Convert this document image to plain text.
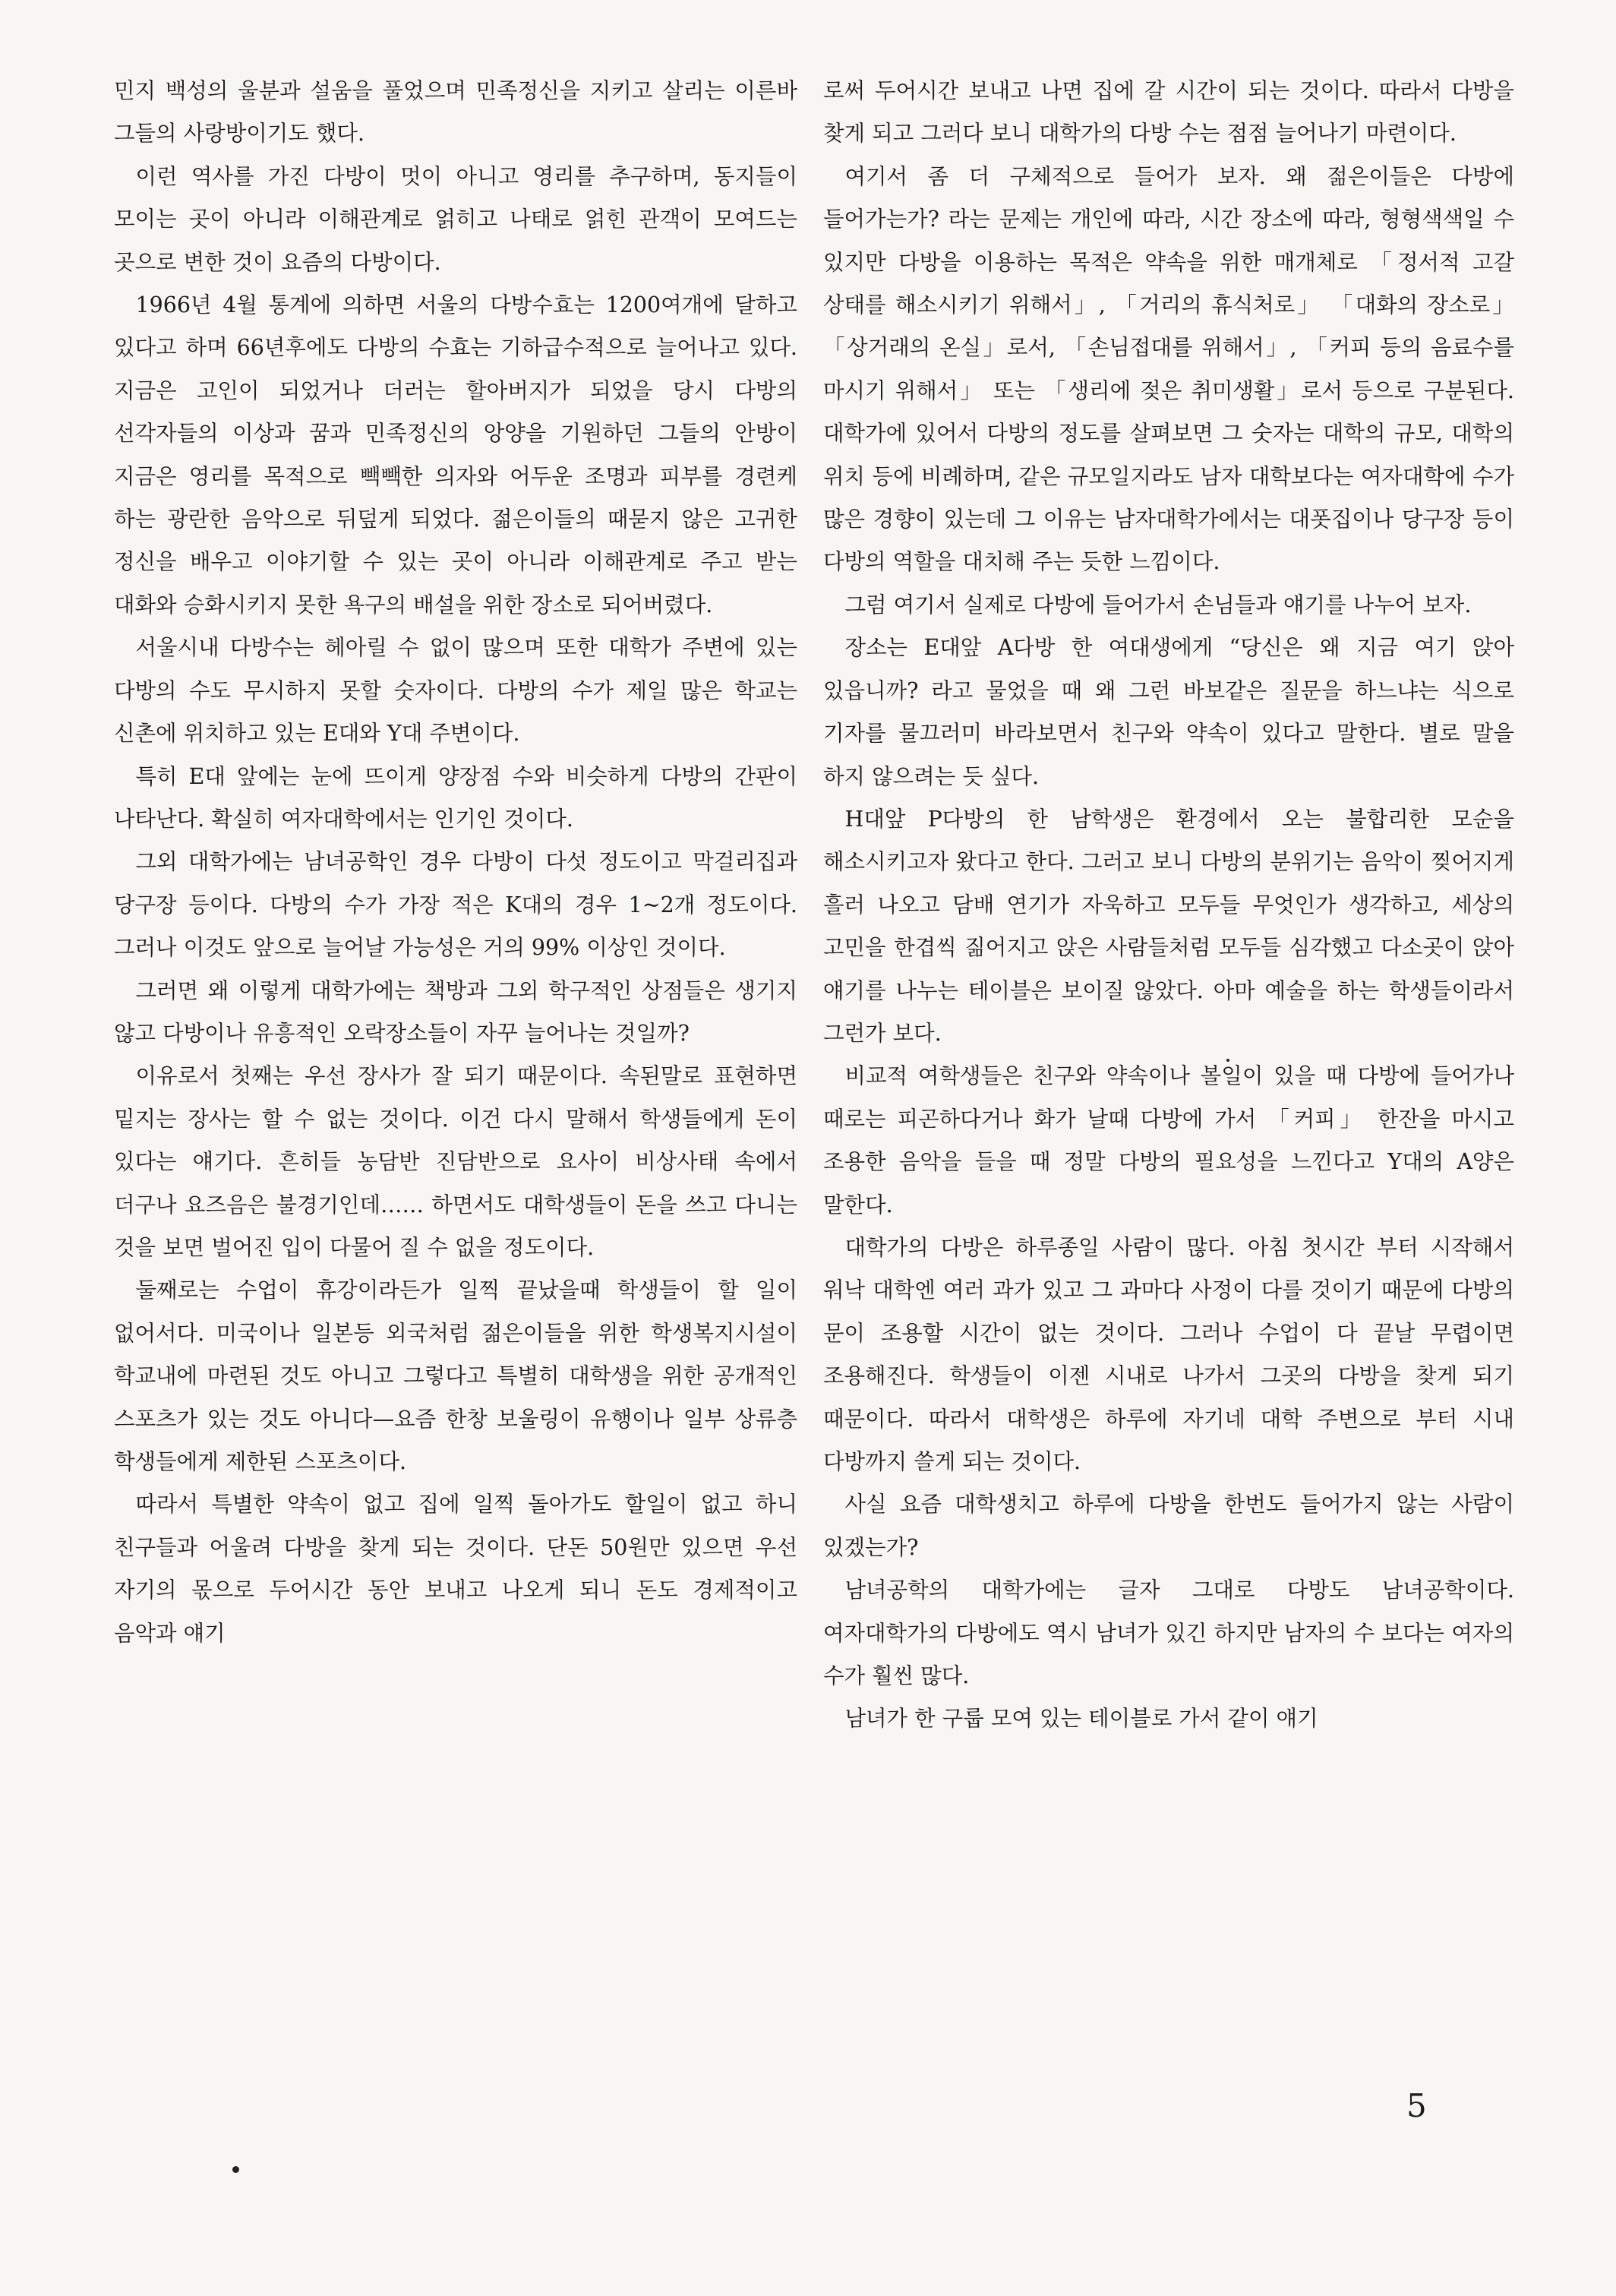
민지 백성의 울분과 설움을 풀었으며 민족정신을 지키고 살리는 이른바 그들의 사랑방이기도 했다.

이런 역사를 가진 다방이 멋이 아니고 영리를 추구하며, 동지들이 모이는 곳이 아니라 이해관계로 얽히고 나태로 얽힌 관객이 모여드는 곳으로 변한 것이 요즘의 다방이다.

1966년 4월 통계에 의하면 서울의 다방수효는 1200여개에 달하고 있다고 하며 66년후에도 다방의 수효는 기하급수적으로 늘어나고 있다. 지금은 고인이 되었거나 더러는 할아버지가 되었을 당시 다방의 선각자들의 이상과 꿈과 민족정신의 앙양을 기원하던 그들의 안방이 지금은 영리를 목적으로 빽빽한 의자와 어두운 조명과 피부를 경련케 하는 광란한 음악으로 뒤덮게 되었다. 젊은이들의 때묻지 않은 고귀한 정신을 배우고 이야기할 수 있는 곳이 아니라 이해관계로 주고 받는 대화와 승화시키지 못한 욕구의 배설을 위한 장소로 되어버렸다.

서울시내 다방수는 헤아릴 수 없이 많으며 또한 대학가 주변에 있는 다방의 수도 무시하지 못할 숫자이다. 다방의 수가 제일 많은 학교는 신촌에 위치하고 있는 E대와 Y대 주변이다.

특히 E대 앞에는 눈에 뜨이게 양장점 수와 비슷하게 다방의 간판이 나타난다. 확실히 여자대학에서는 인기인 것이다.

그외 대학가에는 남녀공학인 경우 다방이 다섯 정도이고 막걸리집과 당구장 등이다. 다방의 수가 가장 적은 K대의 경우 1~2개 정도이다. 그러나 이것도 앞으로 늘어날 가능성은 거의 99% 이상인 것이다.

그러면 왜 이렇게 대학가에는 책방과 그외 학구적인 상점들은 생기지 않고 다방이나 유흥적인 오락장소들이 자꾸 늘어나는 것일까?

이유로서 첫째는 우선 장사가 잘 되기 때문이다. 속된말로 표현하면 밑지는 장사는 할 수 없는 것이다. 이건 다시 말해서 학생들에게 돈이 있다는 얘기다. 흔히들 농담반 진담반으로 요사이 비상사태 속에서 더구나 요즈음은 불경기인데…… 하면서도 대학생들이 돈을 쓰고 다니는 것을 보면 벌어진 입이 다물어 질 수 없을 정도이다.

둘째로는 수업이 휴강이라든가 일찍 끝났을때 학생들이 할 일이 없어서다. 미국이나 일본등 외국처럼 젊은이들을 위한 학생복지시설이 학교내에 마련된 것도 아니고 그렇다고 특별히 대학생을 위한 공개적인 스포츠가 있는 것도 아니다—요즘 한창 보울링이 유행이나 일부 상류층 학생들에게 제한된 스포츠이다.

따라서 특별한 약속이 없고 집에 일찍 돌아가도 할일이 없고 하니 친구들과 어울려 다방을 찾게 되는 것이다. 단돈 50원만 있으면 우선 자기의 몫으로 두어시간 동안 보내고 나오게 되니 돈도 경제적이고 음악과 얘기

로써 두어시간 보내고 나면 집에 갈 시간이 되는 것이다. 따라서 다방을 찾게 되고 그러다 보니 대학가의 다방 수는 점점 늘어나기 마련이다.

여기서 좀 더 구체적으로 들어가 보자. 왜 젊은이들은 다방에 들어가는가? 라는 문제는 개인에 따라, 시간 장소에 따라, 형형색색일 수 있지만 다방을 이용하는 목적은 약속을 위한 매개체로 「정서적 고갈 상태를 해소시키기 위해서」, 「거리의 휴식처로」 「대화의 장소로」 「상거래의 온실」로서, 「손님접대를 위해서」, 「커피 등의 음료수를 마시기 위해서」 또는 「생리에 젖은 취미생활」로서 등으로 구분된다. 대학가에 있어서 다방의 정도를 살펴보면 그 숫자는 대학의 규모, 대학의 위치 등에 비례하며, 같은 규모일지라도 남자 대학보다는 여자대학에 수가 많은 경향이 있는데 그 이유는 남자대학가에서는 대폿집이나 당구장 등이 다방의 역할을 대치해 주는 듯한 느낌이다.

그럼 여기서 실제로 다방에 들어가서 손님들과 얘기를 나누어 보자.

장소는 E대앞 A다방 한 여대생에게 “당신은 왜 지금 여기 앉아 있읍니까? 라고 물었을 때 왜 그런 바보같은 질문을 하느냐는 식으로 기자를 물끄러미 바라보면서 친구와 약속이 있다고 말한다. 별로 말을 하지 않으려는 듯 싶다.

H대앞 P다방의 한 남학생은 환경에서 오는 불합리한 모순을 해소시키고자 왔다고 한다. 그러고 보니 다방의 분위기는 음악이 찢어지게 흘러 나오고 담배 연기가 자욱하고 모두들 무엇인가 생각하고, 세상의 고민을 한겹씩 짊어지고 앉은 사람들처럼 모두들 심각했고 다소곳이 앉아 얘기를 나누는 테이블은 보이질 않았다. 아마 예술을 하는 학생들이라서 그런가 보다.

비교적 여학생들은 친구와 약속이나 볼일이 있을 때 다방에 들어가나 때로는 피곤하다거나 화가 날때 다방에 가서 「커피」 한잔을 마시고 조용한 음악을 들을 때 정말 다방의 필요성을 느낀다고 Y대의 A양은 말한다.

대학가의 다방은 하루종일 사람이 많다. 아침 첫시간 부터 시작해서 워낙 대학엔 여러 과가 있고 그 과마다 사정이 다를 것이기 때문에 다방의 문이 조용할 시간이 없는 것이다. 그러나 수업이 다 끝날 무렵이면 조용해진다. 학생들이 이젠 시내로 나가서 그곳의 다방을 찾게 되기 때문이다. 따라서 대학생은 하루에 자기네 대학 주변으로 부터 시내 다방까지 쓸게 되는 것이다.

사실 요즘 대학생치고 하루에 다방을 한번도 들어가지 않는 사람이 있겠는가?

남녀공학의 대학가에는 글자 그대로 다방도 남녀공학이다. 여자대학가의 다방에도 역시 남녀가 있긴 하지만 남자의 수 보다는 여자의 수가 훨씬 많다.

남녀가 한 구룹 모여 있는 테이블로 가서 같이 얘기

5
